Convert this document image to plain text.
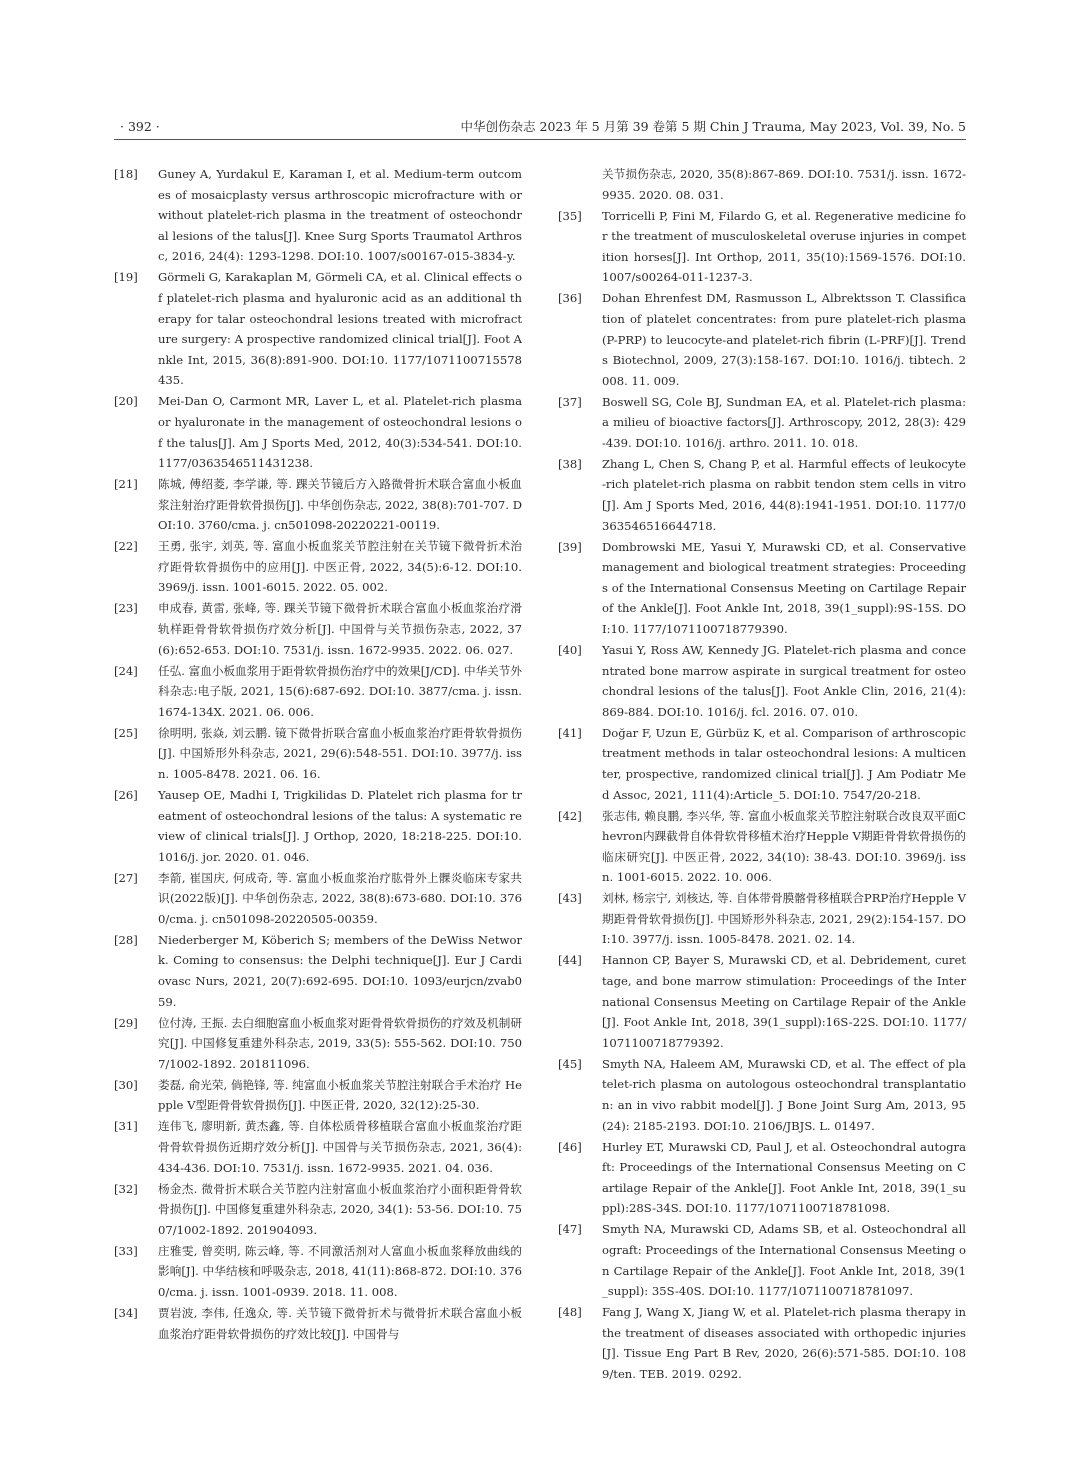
· 392 ·	中华创伤杂志 2023 年 5 月第 39 卷第 5 期 Chin J Trauma, May 2023, Vol. 39, No. 5
[18]	Guney A, Yurdakul E, Karaman I, et al. Medium-term outcomes of mosaicplasty versus arthroscopic microfracture with or without platelet-rich plasma in the treatment of osteochondral lesions of the talus[J]. Knee Surg Sports Traumatol Arthrosc, 2016, 24(4): 1293-1298. DOI:10. 1007/s00167-015-3834-y.
[19]	Görmeli G, Karakaplan M, Görmeli CA, et al. Clinical effects of platelet-rich plasma and hyaluronic acid as an additional therapy for talar osteochondral lesions treated with microfracture surgery: A prospective randomized clinical trial[J]. Foot Ankle Int, 2015, 36(8):891-900. DOI:10. 1177/1071100715578435.
[20]	Mei-Dan O, Carmont MR, Laver L, et al. Platelet-rich plasma or hyaluronate in the management of osteochondral lesions of the talus[J]. Am J Sports Med, 2012, 40(3):534-541. DOI:10. 1177/0363546511431238.
[21]	陈城, 傅绍菱, 李学谦, 等. 踝关节镜后方入路微骨折术联合富血小板血浆注射治疗距骨软骨损伤[J]. 中华创伤杂志, 2022, 38(8):701-707. DOI:10. 3760/cma. j. cn501098-20220221-00119.
[22]	王勇, 张宇, 刘英, 等. 富血小板血浆关节腔注射在关节镜下微骨折术治疗距骨软骨损伤中的应用[J]. 中医正骨, 2022, 34(5):6-12. DOI:10. 3969/j. issn. 1001-6015. 2022. 05. 002.
[23]	申成春, 黄雷, 张峰, 等. 踝关节镜下微骨折术联合富血小板血浆治疗滑轨样距骨骨软骨损伤疗效分析[J]. 中国骨与关节损伤杂志, 2022, 37(6):652-653. DOI:10. 7531/j. issn. 1672-9935. 2022. 06. 027.
[24]	任弘. 富血小板血浆用于距骨软骨损伤治疗中的效果[J/CD]. 中华关节外科杂志:电子版, 2021, 15(6):687-692. DOI:10. 3877/cma. j. issn. 1674-134X. 2021. 06. 006.
[25]	徐明明, 张焱, 刘云鹏. 镜下微骨折联合富血小板血浆治疗距骨软骨损伤[J]. 中国矫形外科杂志, 2021, 29(6):548-551. DOI:10. 3977/j. issn. 1005-8478. 2021. 06. 16.
[26]	Yausep OE, Madhi I, Trigkilidas D. Platelet rich plasma for treatment of osteochondral lesions of the talus: A systematic review of clinical trials[J]. J Orthop, 2020, 18:218-225. DOI:10. 1016/j. jor. 2020. 01. 046.
[27]	李箭, 崔国庆, 何成奇, 等. 富血小板血浆治疗肱骨外上髁炎临床专家共识(2022版)[J]. 中华创伤杂志, 2022, 38(8):673-680. DOI:10. 3760/cma. j. cn501098-20220505-00359.
[28]	Niederberger M, Köberich S; members of the DeWiss Network. Coming to consensus: the Delphi technique[J]. Eur J Cardiovasc Nurs, 2021, 20(7):692-695. DOI:10. 1093/eurjcn/zvab059.
[29]	位付涛, 王振. 去白细胞富血小板血浆对距骨骨软骨损伤的疗效及机制研究[J]. 中国修复重建外科杂志, 2019, 33(5): 555-562. DOI:10. 7507/1002-1892. 201811096.
[30]	娄磊, 俞光荣, 倘艳锋, 等. 纯富血小板血浆关节腔注射联合手术治疗 Hepple Ⅴ型距骨骨软骨损伤[J]. 中医正骨, 2020, 32(12):25-30.
[31]	连伟飞, 廖明新, 黄杰鑫, 等. 自体松质骨移植联合富血小板血浆治疗距骨骨软骨损伤近期疗效分析[J]. 中国骨与关节损伤杂志, 2021, 36(4): 434-436. DOI:10. 7531/j. issn. 1672-9935. 2021. 04. 036.
[32]	杨金杰. 微骨折术联合关节腔内注射富血小板血浆治疗小面积距骨骨软骨损伤[J]. 中国修复重建外科杂志, 2020, 34(1): 53-56. DOI:10. 7507/1002-1892. 201904093.
[33]	庄雅雯, 曾奕明, 陈云峰, 等. 不同激活剂对人富血小板血浆释放曲线的影响[J]. 中华结核和呼吸杂志, 2018, 41(11):868-872. DOI:10. 3760/cma. j. issn. 1001-0939. 2018. 11. 008.
[34]	贾岩波, 李伟, 任逸众, 等. 关节镜下微骨折术与微骨折术联合富血小板血浆治疗距骨软骨损伤的疗效比较[J]. 中国骨与
关节损伤杂志, 2020, 35(8):867-869. DOI:10. 7531/j. issn. 1672-9935. 2020. 08. 031.
[35]	Torricelli P, Fini M, Filardo G, et al. Regenerative medicine for the treatment of musculoskeletal overuse injuries in competition horses[J]. Int Orthop, 2011, 35(10):1569-1576. DOI:10. 1007/s00264-011-1237-3.
[36]	Dohan Ehrenfest DM, Rasmusson L, Albrektsson T. Classification of platelet concentrates: from pure platelet-rich plasma (P-PRP) to leucocyte-and platelet-rich fibrin (L-PRF)[J]. Trends Biotechnol, 2009, 27(3):158-167. DOI:10. 1016/j. tibtech. 2008. 11. 009.
[37]	Boswell SG, Cole BJ, Sundman EA, et al. Platelet-rich plasma: a milieu of bioactive factors[J]. Arthroscopy, 2012, 28(3): 429-439. DOI:10. 1016/j. arthro. 2011. 10. 018.
[38]	Zhang L, Chen S, Chang P, et al. Harmful effects of leukocyte-rich platelet-rich plasma on rabbit tendon stem cells in vitro[J]. Am J Sports Med, 2016, 44(8):1941-1951. DOI:10. 1177/0363546516644718.
[39]	Dombrowski ME, Yasui Y, Murawski CD, et al. Conservative management and biological treatment strategies: Proceedings of the International Consensus Meeting on Cartilage Repair of the Ankle[J]. Foot Ankle Int, 2018, 39(1_suppl):9S-15S. DOI:10. 1177/1071100718779390.
[40]	Yasui Y, Ross AW, Kennedy JG. Platelet-rich plasma and concentrated bone marrow aspirate in surgical treatment for osteochondral lesions of the talus[J]. Foot Ankle Clin, 2016, 21(4): 869-884. DOI:10. 1016/j. fcl. 2016. 07. 010.
[41]	Doğar F, Uzun E, Gürbüz K, et al. Comparison of arthroscopic treatment methods in talar osteochondral lesions: A multicenter, prospective, randomized clinical trial[J]. J Am Podiatr Med Assoc, 2021, 111(4):Article_5. DOI:10. 7547/20-218.
[42]	张志伟, 赖良鹏, 李兴华, 等. 富血小板血浆关节腔注射联合改良双平面Chevron内踝截骨自体骨软骨移植术治疗Hepple Ⅴ期距骨骨软骨损伤的临床研究[J]. 中医正骨, 2022, 34(10): 38-43. DOI:10. 3969/j. issn. 1001-6015. 2022. 10. 006.
[43]	刘林, 杨宗宁, 刘核达, 等. 自体带骨膜髂骨移植联合PRP治疗Hepple Ⅴ期距骨骨软骨损伤[J]. 中国矫形外科杂志, 2021, 29(2):154-157. DOI:10. 3977/j. issn. 1005-8478. 2021. 02. 14.
[44]	Hannon CP, Bayer S, Murawski CD, et al. Debridement, curettage, and bone marrow stimulation: Proceedings of the International Consensus Meeting on Cartilage Repair of the Ankle[J]. Foot Ankle Int, 2018, 39(1_suppl):16S-22S. DOI:10. 1177/1071100718779392.
[45]	Smyth NA, Haleem AM, Murawski CD, et al. The effect of platelet-rich plasma on autologous osteochondral transplantation: an in vivo rabbit model[J]. J Bone Joint Surg Am, 2013, 95(24): 2185-2193. DOI:10. 2106/JBJS. L. 01497.
[46]	Hurley ET, Murawski CD, Paul J, et al. Osteochondral autograft: Proceedings of the International Consensus Meeting on Cartilage Repair of the Ankle[J]. Foot Ankle Int, 2018, 39(1_suppl):28S-34S. DOI:10. 1177/1071100718781098.
[47]	Smyth NA, Murawski CD, Adams SB, et al. Osteochondral allograft: Proceedings of the International Consensus Meeting on Cartilage Repair of the Ankle[J]. Foot Ankle Int, 2018, 39(1_suppl): 35S-40S. DOI:10. 1177/1071100718781097.
[48]	Fang J, Wang X, Jiang W, et al. Platelet-rich plasma therapy in the treatment of diseases associated with orthopedic injuries[J]. Tissue Eng Part B Rev, 2020, 26(6):571-585. DOI:10. 1089/ten. TEB. 2019. 0292.
